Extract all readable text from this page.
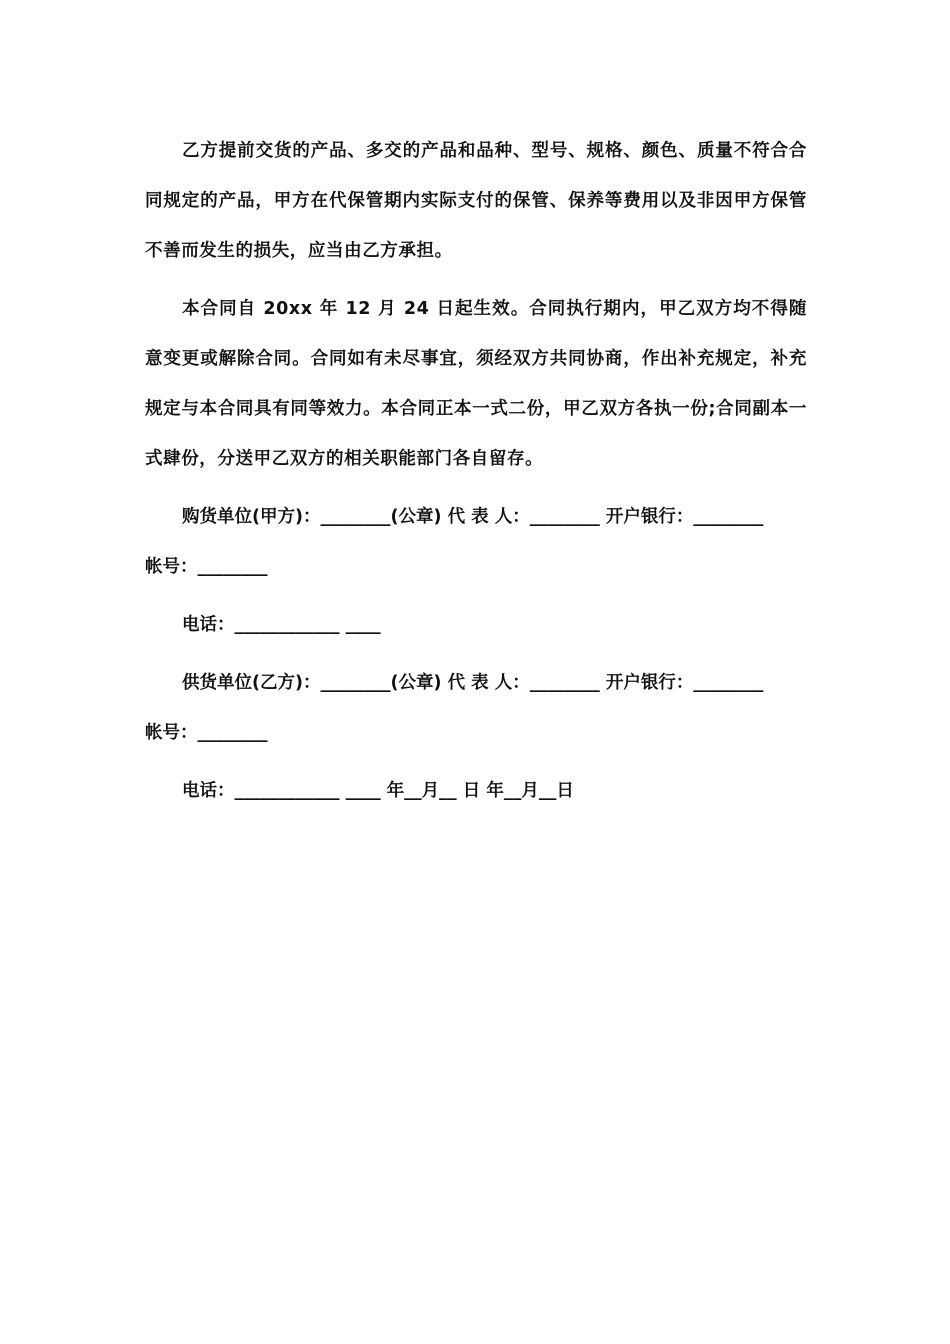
乙方提前交货的产品、多交的产品和品种、型号、规格、颜色、质量不符合合同规定的产品，甲方在代保管期内实际支付的保管、保养等费用以及非因甲方保管不善而发生的损失，应当由乙方承担。

本合同自 20xx 年 12 月 24 日起生效。合同执行期内，甲乙双方均不得随意变更或解除合同。合同如有未尽事宜，须经双方共同协商，作出补充规定，补充规定与本合同具有同等效力。本合同正本一式二份，甲乙双方各执一份;合同副本一式肆份，分送甲乙双方的相关职能部门各自留存。

购货单位(甲方)：________(公章) 代 表 人：________ 开户银行：________

帐号：________

电话：____________ ____

供货单位(乙方)：________(公章) 代 表 人：________ 开户银行：________

帐号：________

电话：____________ ____ 年__月__ 日 年__月__日
